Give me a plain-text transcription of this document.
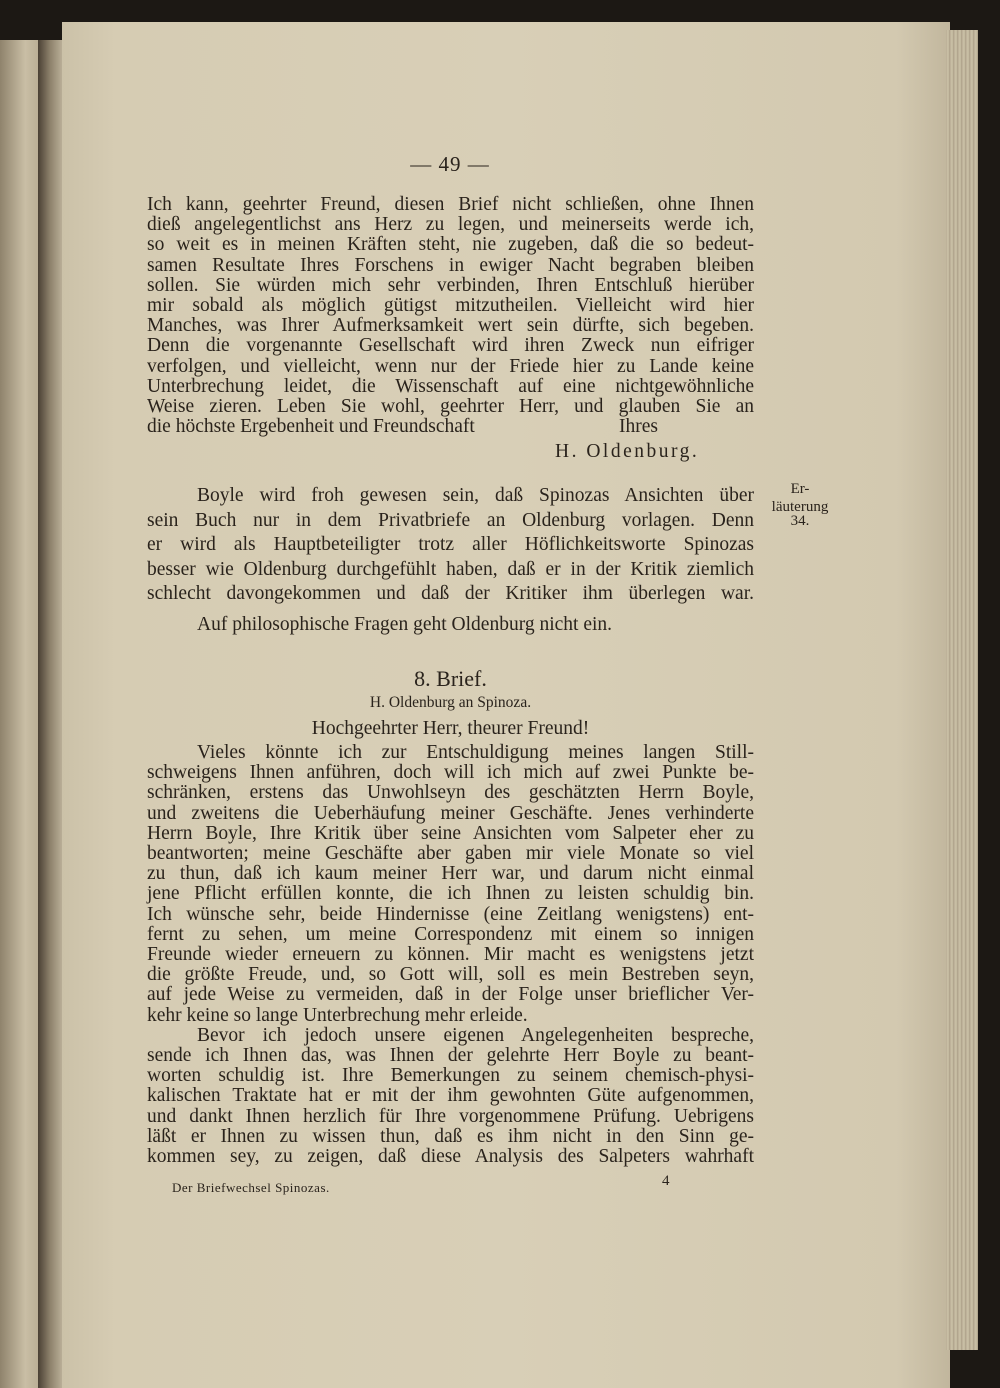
— 49 —
Ich kann, geehrter Freund, diesen Brief nicht schließen, ohne Ihnen
dieß angelegentlichst ans Herz zu legen, und meinerseits werde ich,
so weit es in meinen Kräften steht, nie zugeben, daß die so bedeut-
samen Resultate Ihres Forschens in ewiger Nacht begraben bleiben
sollen. Sie würden mich sehr verbinden, Ihren Entschluß hierüber
mir sobald als möglich gütigst mitzutheilen. Vielleicht wird hier
Manches, was Ihrer Aufmerksamkeit wert sein dürfte, sich begeben.
Denn die vorgenannte Gesellschaft wird ihren Zweck nun eifriger
verfolgen, und vielleicht, wenn nur der Friede hier zu Lande keine
Unterbrechung leidet, die Wissenschaft auf eine nichtgewöhnliche
Weise zieren. Leben Sie wohl, geehrter Herr, und glauben Sie an
die höchste Ergebenheit und Freundschaft	Ihres
H. Oldenburg.
Boyle wird froh gewesen sein, daß Spinozas Ansichten über
sein Buch nur in dem Privatbriefe an Oldenburg vorlagen. Denn
er wird als Hauptbeteiligter trotz aller Höflichkeitsworte Spinozas
besser wie Oldenburg durchgefühlt haben, daß er in der Kritik ziemlich
schlecht davongekommen und daß der Kritiker ihm überlegen war.
Auf philosophische Fragen geht Oldenburg nicht ein.
Er-
läuterung
34.
8. Brief.
H. Oldenburg an Spinoza.
Hochgeehrter Herr, theurer Freund!
Vieles könnte ich zur Entschuldigung meines langen Still-
schweigens Ihnen anführen, doch will ich mich auf zwei Punkte be-
schränken, erstens das Unwohlseyn des geschätzten Herrn Boyle,
und zweitens die Ueberhäufung meiner Geschäfte. Jenes verhinderte
Herrn Boyle, Ihre Kritik über seine Ansichten vom Salpeter eher zu
beantworten; meine Geschäfte aber gaben mir viele Monate so viel
zu thun, daß ich kaum meiner Herr war, und darum nicht einmal
jene Pflicht erfüllen konnte, die ich Ihnen zu leisten schuldig bin.
Ich wünsche sehr, beide Hindernisse (eine Zeitlang wenigstens) ent-
fernt zu sehen, um meine Correspondenz mit einem so innigen
Freunde wieder erneuern zu können. Mir macht es wenigstens jetzt
die größte Freude, und, so Gott will, soll es mein Bestreben seyn,
auf jede Weise zu vermeiden, daß in der Folge unser brieflicher Ver-
kehr keine so lange Unterbrechung mehr erleide.
Bevor ich jedoch unsere eigenen Angelegenheiten bespreche,
sende ich Ihnen das, was Ihnen der gelehrte Herr Boyle zu beant-
worten schuldig ist. Ihre Bemerkungen zu seinem chemisch-physi-
kalischen Traktate hat er mit der ihm gewohnten Güte aufgenommen,
und dankt Ihnen herzlich für Ihre vorgenommene Prüfung. Uebrigens
läßt er Ihnen zu wissen thun, daß es ihm nicht in den Sinn ge-
kommen sey, zu zeigen, daß diese Analysis des Salpeters wahrhaft
Der Briefwechsel Spinozas.	4
